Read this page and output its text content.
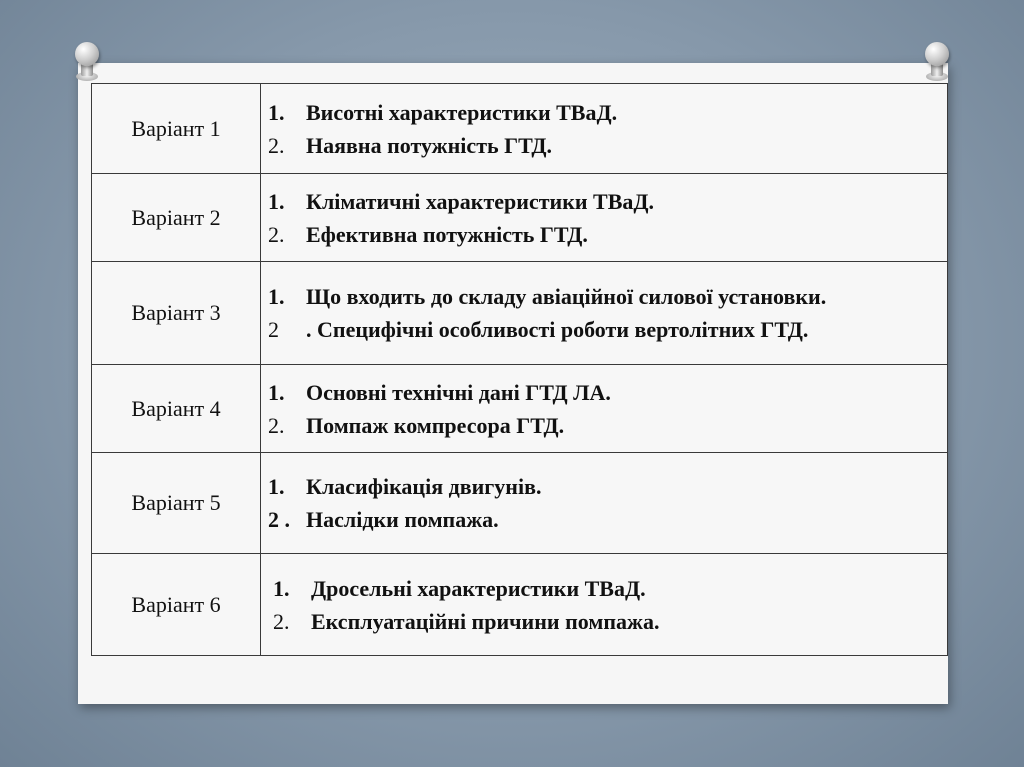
Варіант 1	1. Висотні характеристики ТВаД.
2. Наявна потужність ГТД.

Варіант 2	1. Кліматичні характеристики ТВаД.
2. Ефективна потужність ГТД.

Варіант 3	1. Що входить до складу авіаційної силової установки.
2 . Специфічні особливості роботи вертолітних ГТД.

Варіант 4	1. Основні технічні дані ГТД ЛА.
2. Помпаж компресора ГТД.

Варіант 5	1. Класифікація двигунів.
2 . Наслідки помпажа.

Варіант 6	1. Дросельні характеристики ТВаД.
2. Експлуатаційні причини помпажа.
